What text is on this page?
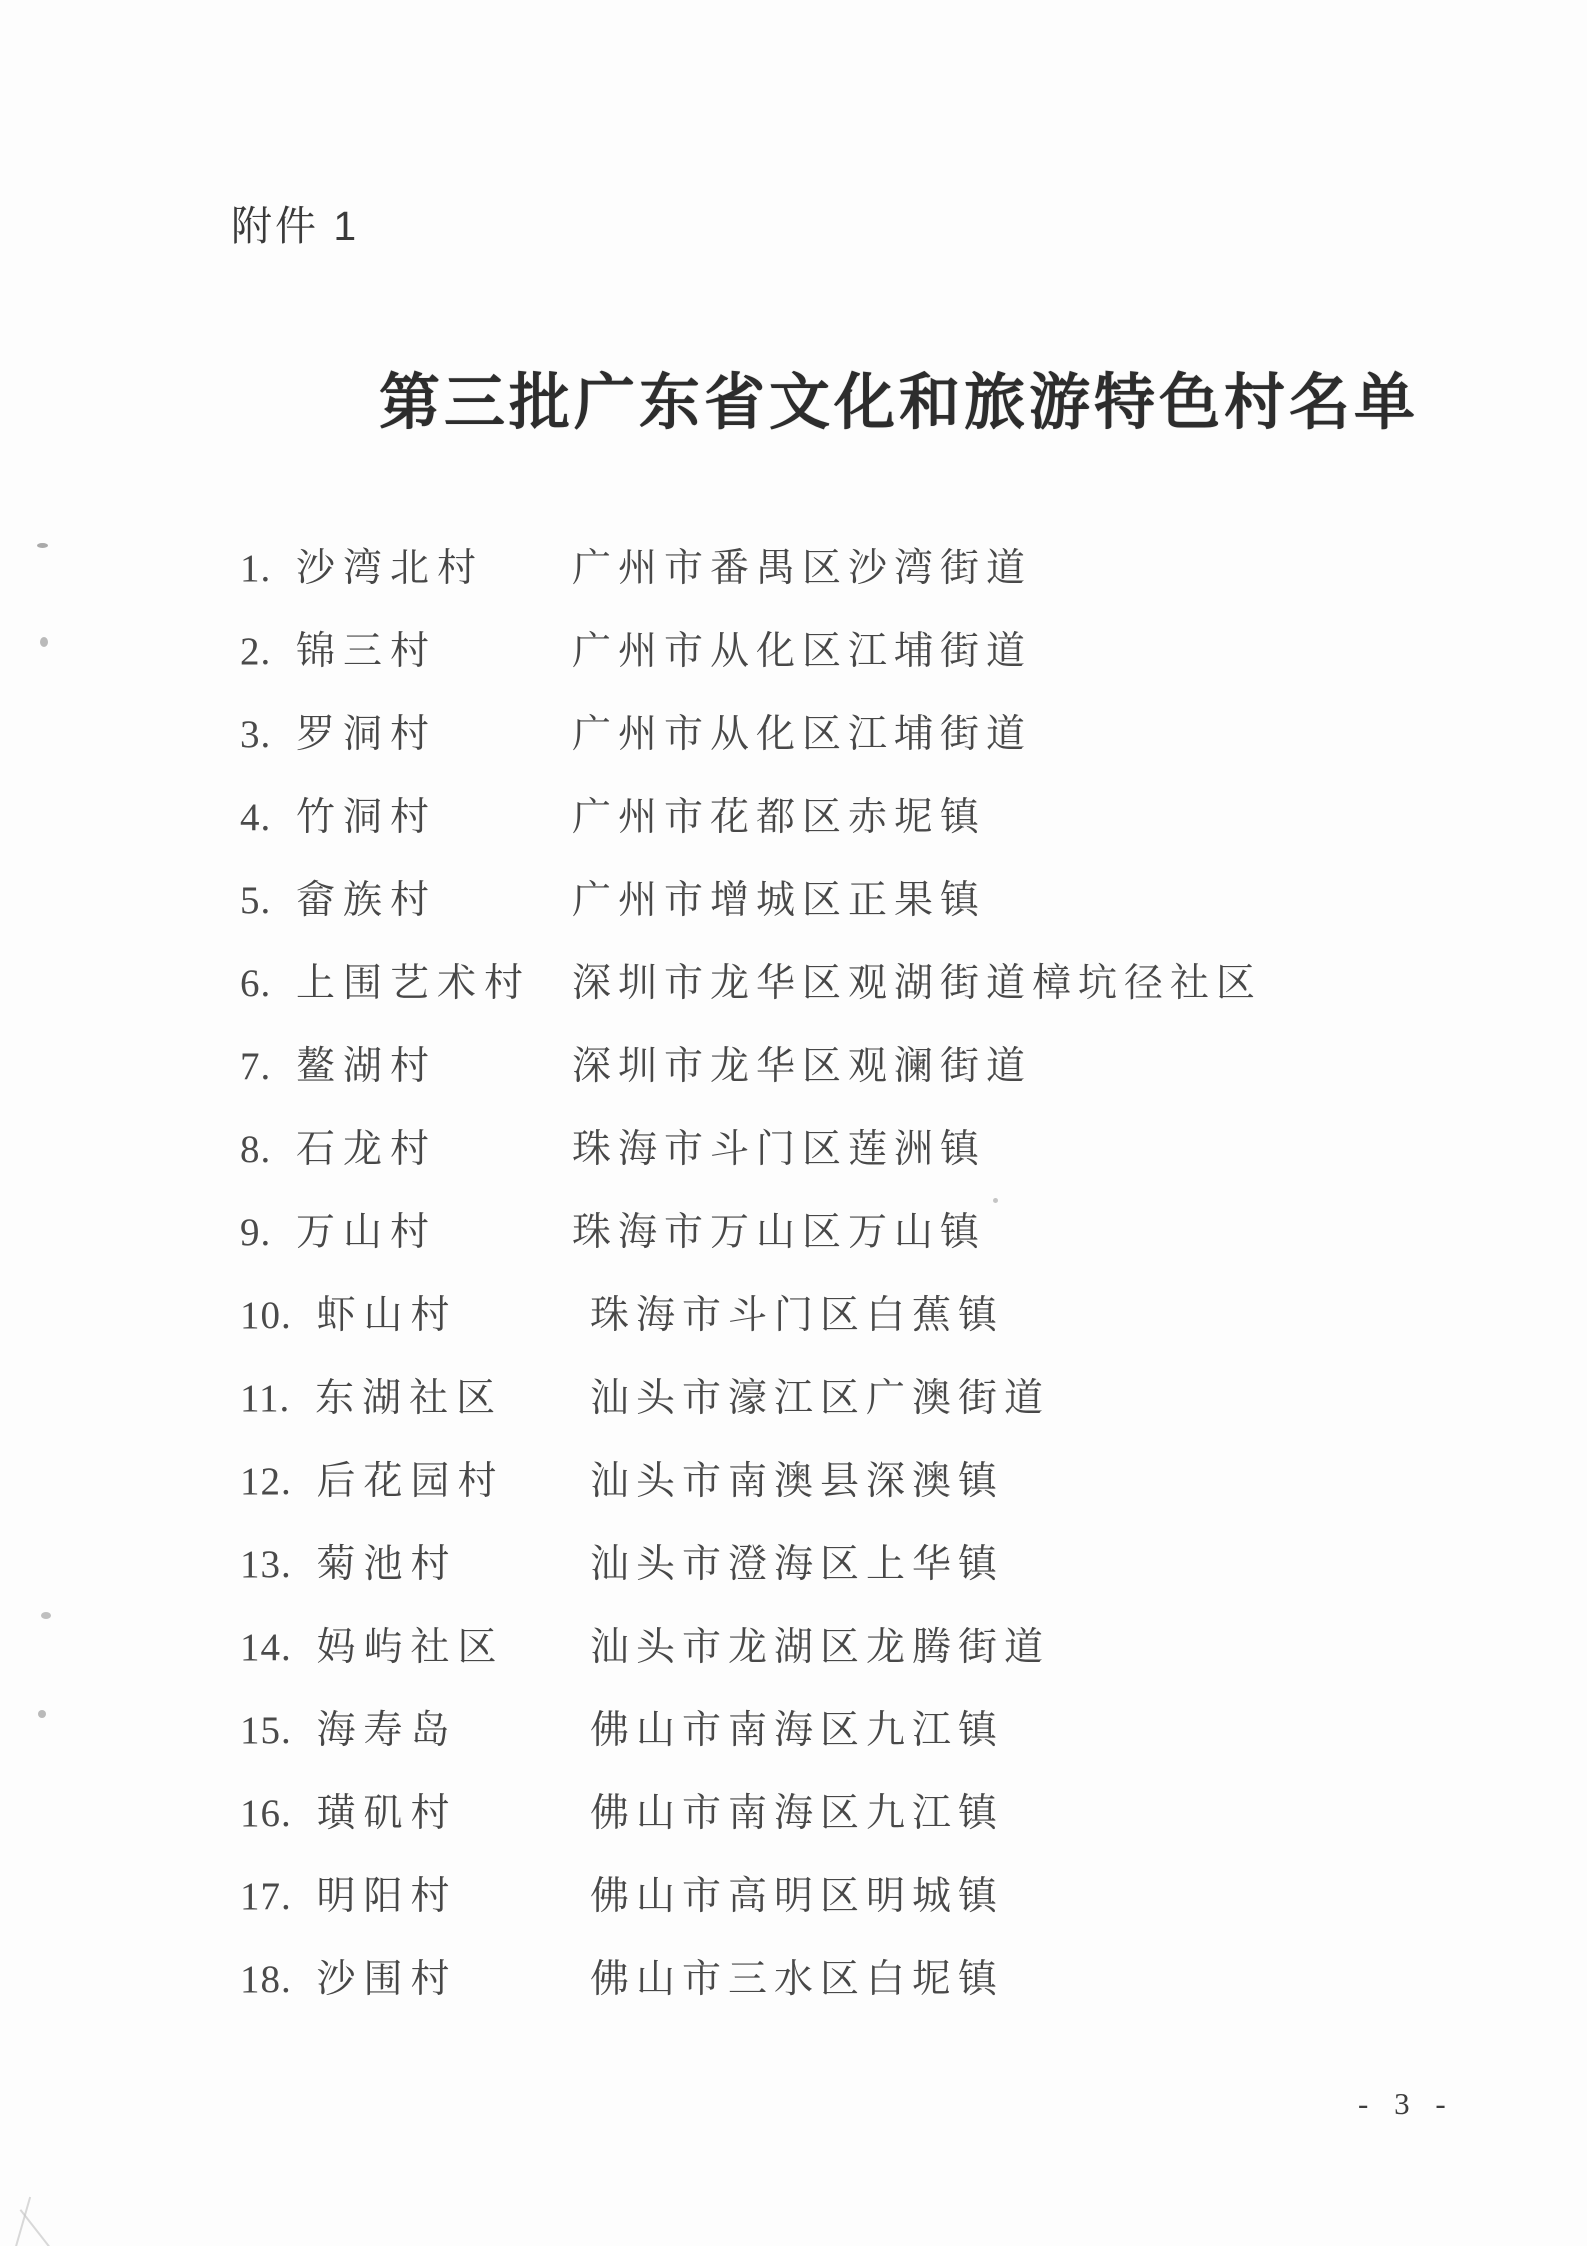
附件 1
第三批广东省文化和旅游特色村名单
1. 沙湾北村 广州市番禺区沙湾街道
2. 锦三村	广州市从化区江埔街道
3. 罗洞村	广州市从化区江埔街道
4. 竹洞村	广州市花都区赤坭镇
5. 畲族村	广州市增城区正果镇
6. 上围艺术村 深圳市龙华区观湖街道樟坑径社区
7. 鳌湖村	深圳市龙华区观澜街道
8. 石龙村	珠海市斗门区莲洲镇
9. 万山村	珠海市万山区万山镇
10. 虾山村	珠海市斗门区白蕉镇
11. 东湖社区 汕头市濠江区广澳街道
12. 后花园村 汕头市南澳县深澳镇
13. 菊池村	汕头市澄海区上华镇
14. 妈屿社区 汕头市龙湖区龙腾街道
15. 海寿岛	佛山市南海区九江镇
16. 璜矶村	佛山市南海区九江镇
17. 明阳村	佛山市高明区明城镇
18. 沙围村	佛山市三水区白坭镇
- 3 -
